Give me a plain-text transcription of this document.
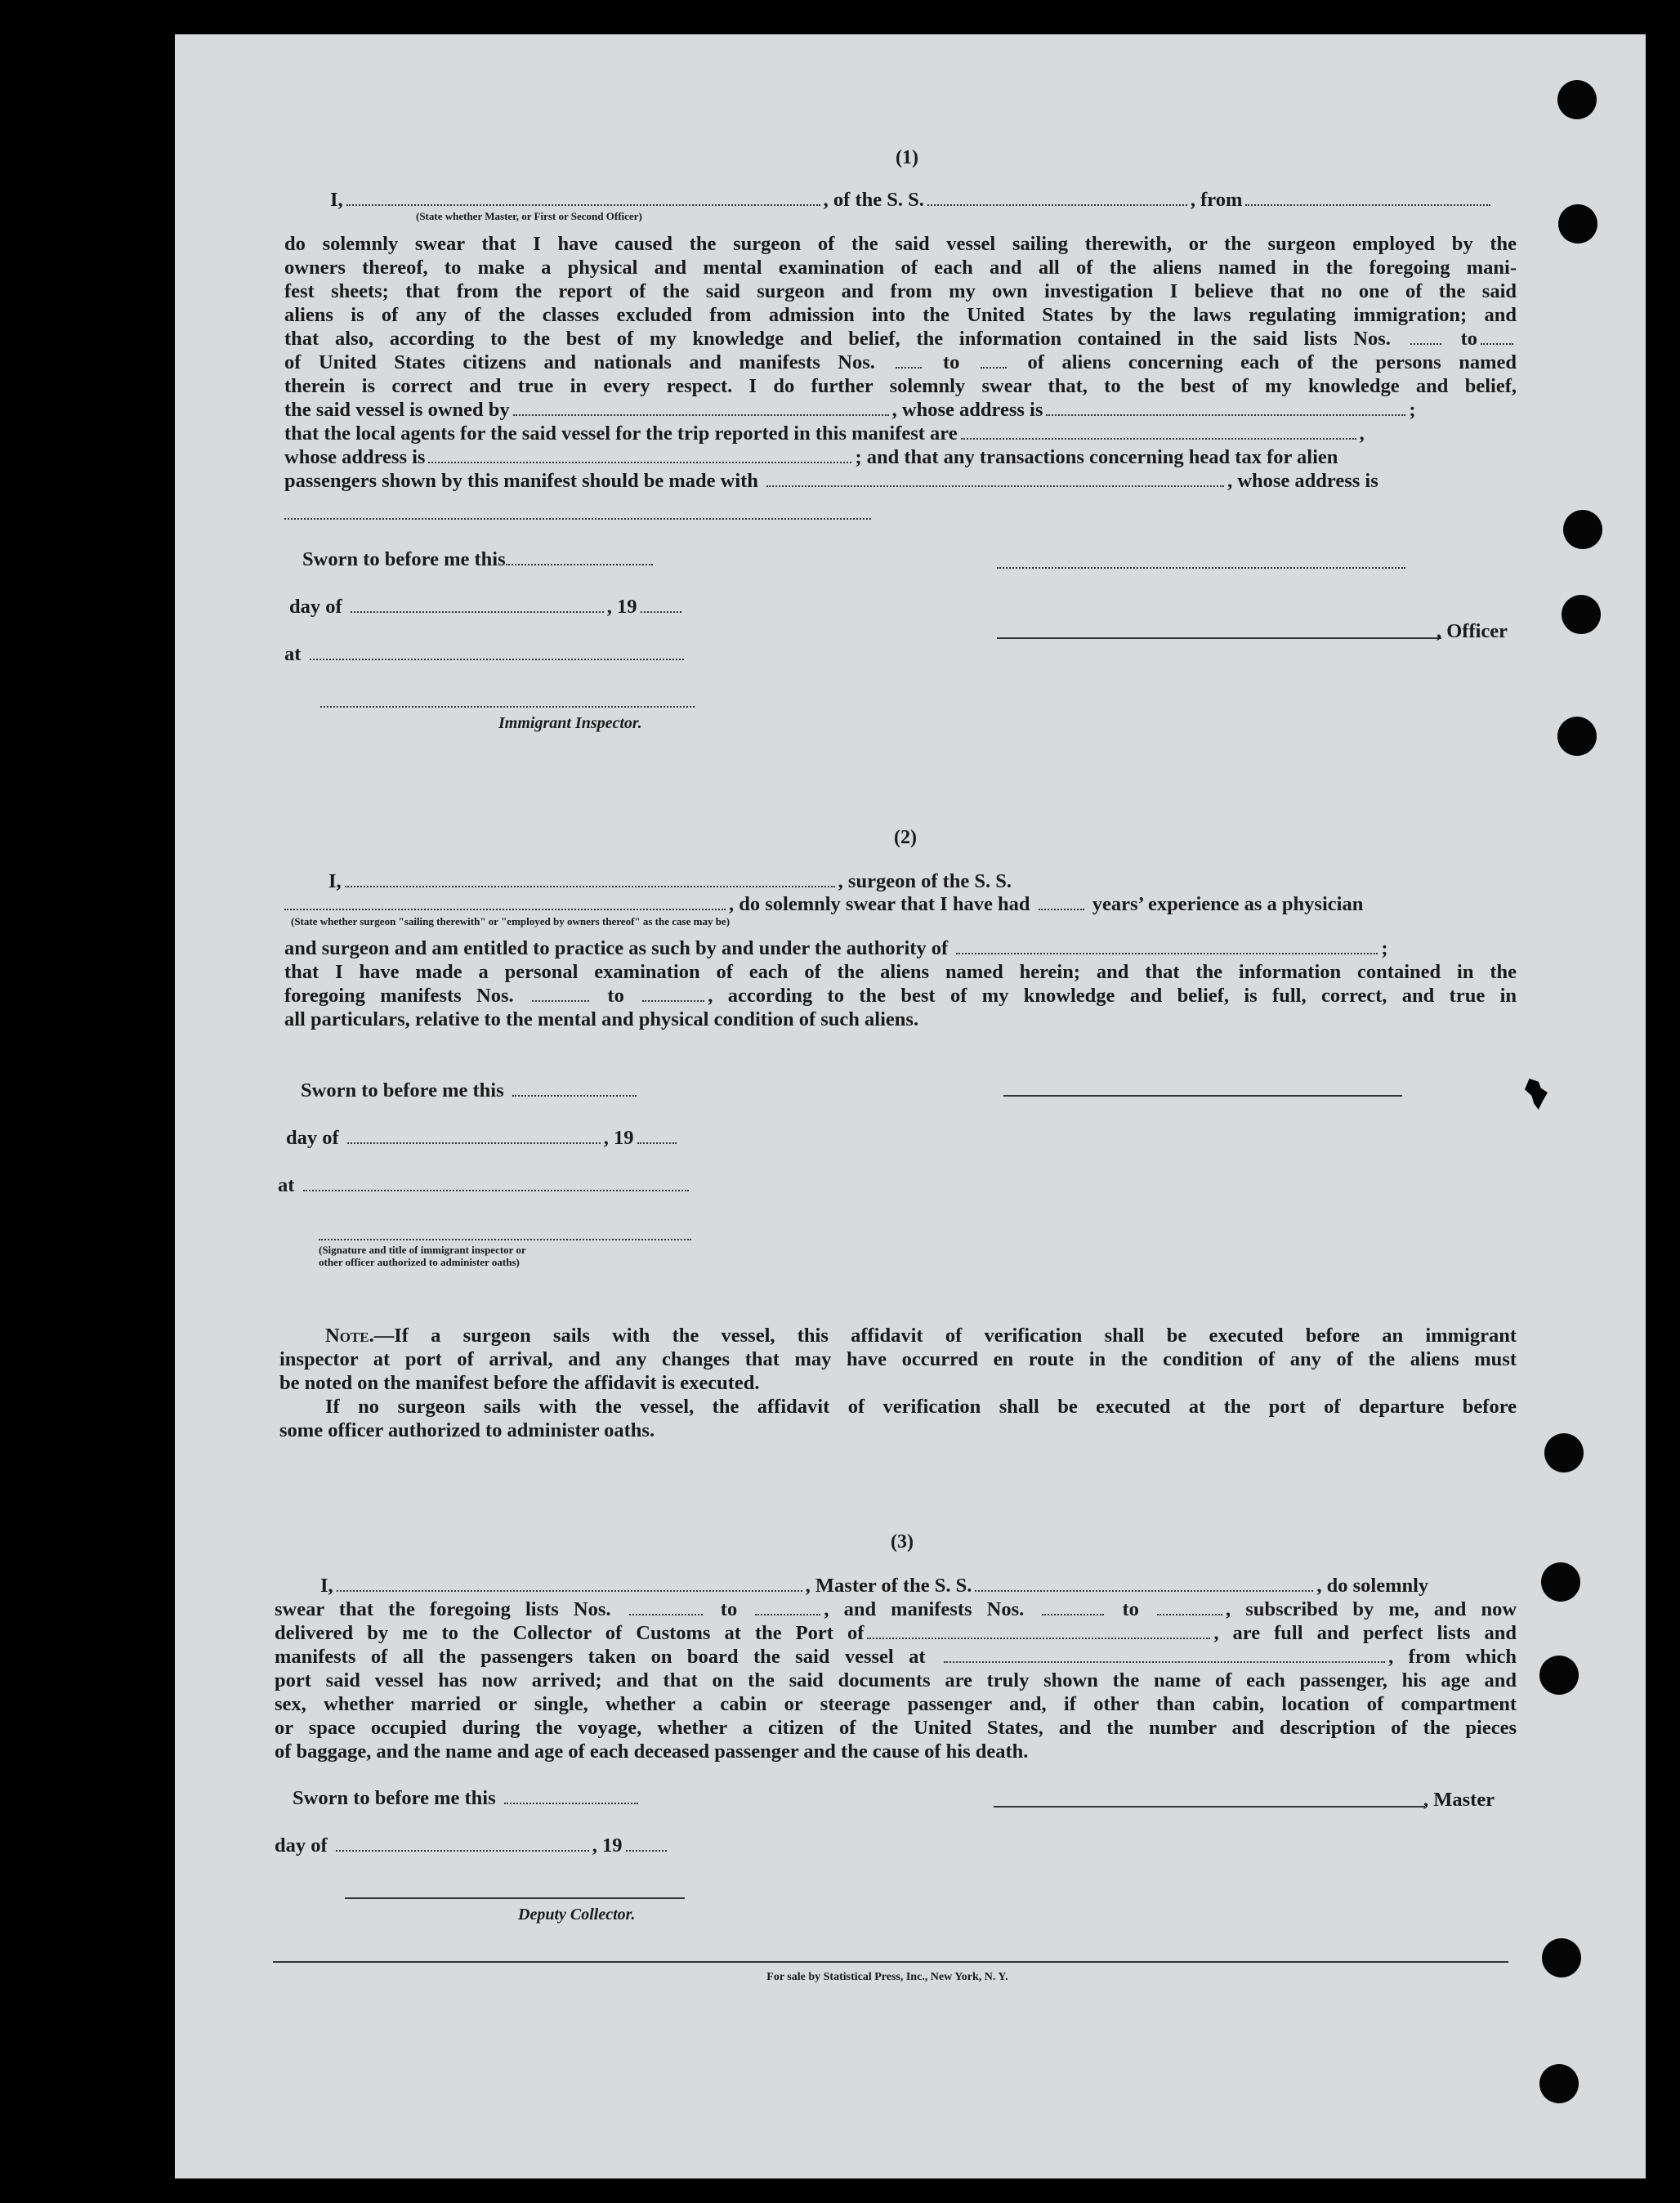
(1)
I,	, of the S. S.	, from
(State whether Master, or First or Second Officer)
do solemnly swear that I have caused the surgeon of the said vessel sailing therewith, or the surgeon employed by the
owners thereof, to make a physical and mental examination of each and all of the aliens named in the foregoing mani-
fest sheets; that from the report of the said surgeon and from my own investigation I believe that no one of the said
aliens is of any of the classes excluded from admission into the United States by the laws regulating immigration; and
that also, according to the best of my knowledge and belief, the information contained in the said lists Nos.	to
of United States citizens and nationals and manifests Nos.	to	of aliens concerning each of the persons named
therein is correct and true in every respect. I do further solemnly swear that, to the best of my knowledge and belief,
the said vessel is owned by	, whose address is	;
that the local agents for the said vessel for the trip reported in this manifest are	,
whose address is	; and that any transactions concerning head tax for alien
passengers shown by this manifest should be made with	, whose address is
Sworn to before me this
day of	, 19
at
Immigrant Inspector.
, Officer
(2)
I,	, surgeon of the S. S.
, do solemnly swear that I have had	years’ experience as a physician
(State whether surgeon "sailing therewith" or "employed by owners thereof" as the case may be)
and surgeon and am entitled to practice as such by and under the authority of	;
that I have made a personal examination of each of the aliens named herein; and that the information contained in the
foregoing manifests Nos.	to	, according to the best of my knowledge and belief, is full, correct, and true in
all particulars, relative to the mental and physical condition of such aliens.
Sworn to before me this
day of	, 19
at
(Signature and title of immigrant inspector or
other officer authorized to administer oaths)
Note.—If a surgeon sails with the vessel, this affidavit of verification shall be executed before an immigrant
inspector at port of arrival, and any changes that may have occurred en route in the condition of any of the aliens must
be noted on the manifest before the affidavit is executed.
If no surgeon sails with the vessel, the affidavit of verification shall be executed at the port of departure before
some officer authorized to administer oaths.
(3)
I,	, Master of the S. S.	, do solemnly
swear that the foregoing lists Nos.	to	, and manifests Nos.	to	, subscribed by me, and now
delivered by me to the Collector of Customs at the Port of	, are full and perfect lists and
manifests of all the passengers taken on board the said vessel at	, from which
port said vessel has now arrived; and that on the said documents are truly shown the name of each passenger, his age and
sex, whether married or single, whether a cabin or steerage passenger and, if other than cabin, location of compartment
or space occupied during the voyage, whether a citizen of the United States, and the number and description of the pieces
of baggage, and the name and age of each deceased passenger and the cause of his death.
Sworn to before me this
day of	, 19
Deputy Collector.
, Master
For sale by Statistical Press, Inc., New York, N. Y.
